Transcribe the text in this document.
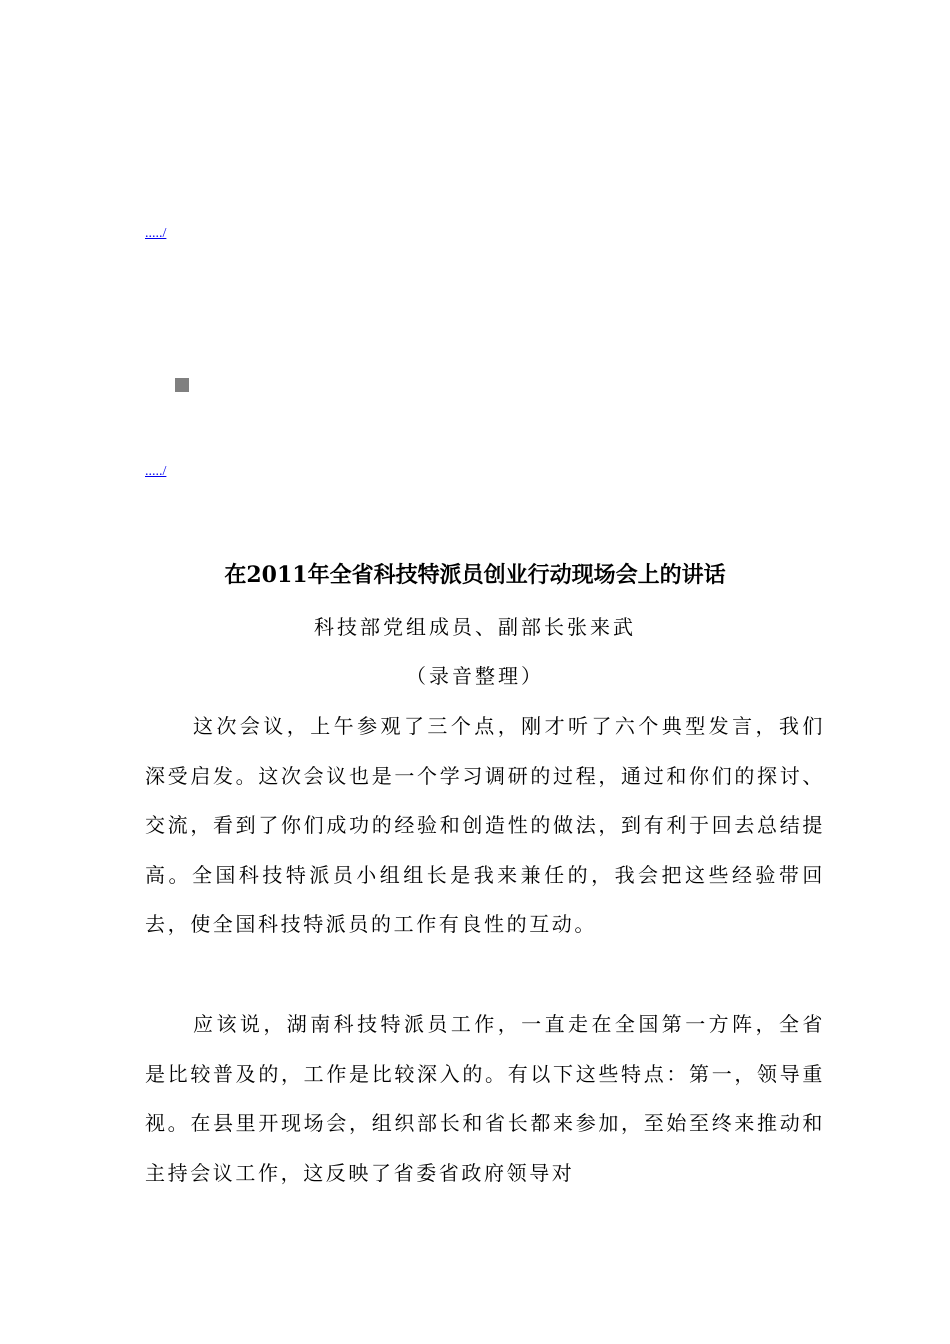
...../
...../
在2011年全省科技特派员创业行动现场会上的讲话
科技部党组成员、副部长张来武
（录音整理）

这次会议，上午参观了三个点，刚才听了六个典型发言，我们深受启发。这次会议也是一个学习调研的过程，通过和你们的探讨、交流，看到了你们成功的经验和创造性的做法，到有利于回去总结提高。全国科技特派员小组组长是我来兼任的，我会把这些经验带回去，使全国科技特派员的工作有良性的互动。

应该说，湖南科技特派员工作，一直走在全国第一方阵，全省是比较普及的，工作是比较深入的。有以下这些特点：第一，领导重视。在县里开现场会，组织部长和省长都来参加，至始至终来推动和主持会议工作，这反映了省委省政府领导对
